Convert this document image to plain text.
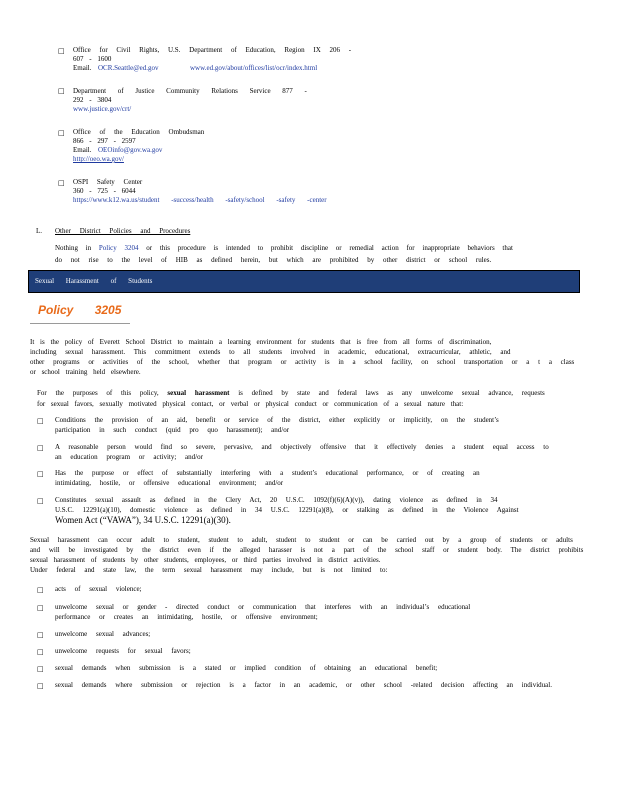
□ Office for Civil Rights, U.S. Department of Education, Region IX 206 -
607 - 1600
Email. OCR.Seattle@ed.gov	www.ed.gov/about/offices/list/ocr/index.html
□ Department of Justice Community Relations Service 877 -
292 - 3804
www.justice.gov/crt/
□ Office of the Education Ombudsman
866 - 297 - 2597
Email. OEOinfo@gov.wa.gov
http://oeo.wa.gov/
□ OSPI Safety Center
360 - 725 - 6044
https://www.k12.wa.us/student -success/health -safety/school -safety -center
L. Other District Policies and Procedures
Nothing in Policy 3204 or this procedure is intended to prohibit discipline or remedial action for inappropriate behaviors that
do not rise to the level of HIB as defined herein, but which are prohibited by other district or school rules.
Sexual Harassment of Students
Policy 3205
It is the policy of Everett School District to maintain a learning environment for students that is free from all forms of discrimination,
including sexual harassment. This commitment extends to all students involved in academic, educational, extracurricular, athletic, and
other programs or activities of the school, whether that program or activity is in a school facility, on school transportation or a t a class
or school training held elsewhere.
For the purposes of this policy, sexual harassment is defined by state and federal laws as any unwelcome sexual advance, requests
for sexual favors, sexually motivated physical contact, or verbal or physical conduct or communication of a sexual nature that:
□ Conditions the provision of an aid, benefit or service of the district, either explicitly or implicitly, on the student’s
participation in such conduct (quid pro quo harassment); and/or
□ A reasonable person would find so severe, pervasive, and objectively offensive that it effectively denies a student equal access to
an education program or activity; and/or
□ Has the purpose or effect of substantially interfering with a student’s educational performance, or of creating an
intimidating, hostile, or offensive educational environment; and/or
□ Constitutes sexual assault as defined in the Clery Act, 20 U.S.C. 1092(f)(6)(A)(v)), dating violence as defined in 34
U.S.C. 12291(a)(10), domestic violence as defined in 34 U.S.C. 12291(a)(8), or stalking as defined in the Violence Against
Women Act (“VAWA”), 34 U.S.C. 12291(a)(30).
Sexual harassment can occur adult to student, student to adult, student to student or can be carried out by a group of students or adults
and will be investigated by the district even if the alleged harasser is not a part of the school staff or student body. The district prohibits
sexual harassment of students by other students, employees, or third parties involved in district activities.
Under federal and state law, the term sexual harassment may include, but is not limited to:
□ acts of sexual violence;
□ unwelcome sexual or gender - directed conduct or communication that interferes with an individual’s educational
performance or creates an intimidating, hostile, or offensive environment;
□ unwelcome sexual advances;
□ unwelcome requests for sexual favors;
□ sexual demands when submission is a stated or implied condition of obtaining an educational benefit;
□ sexual demands where submission or rejection is a factor in an academic, or other school -related decision affecting an individual.
